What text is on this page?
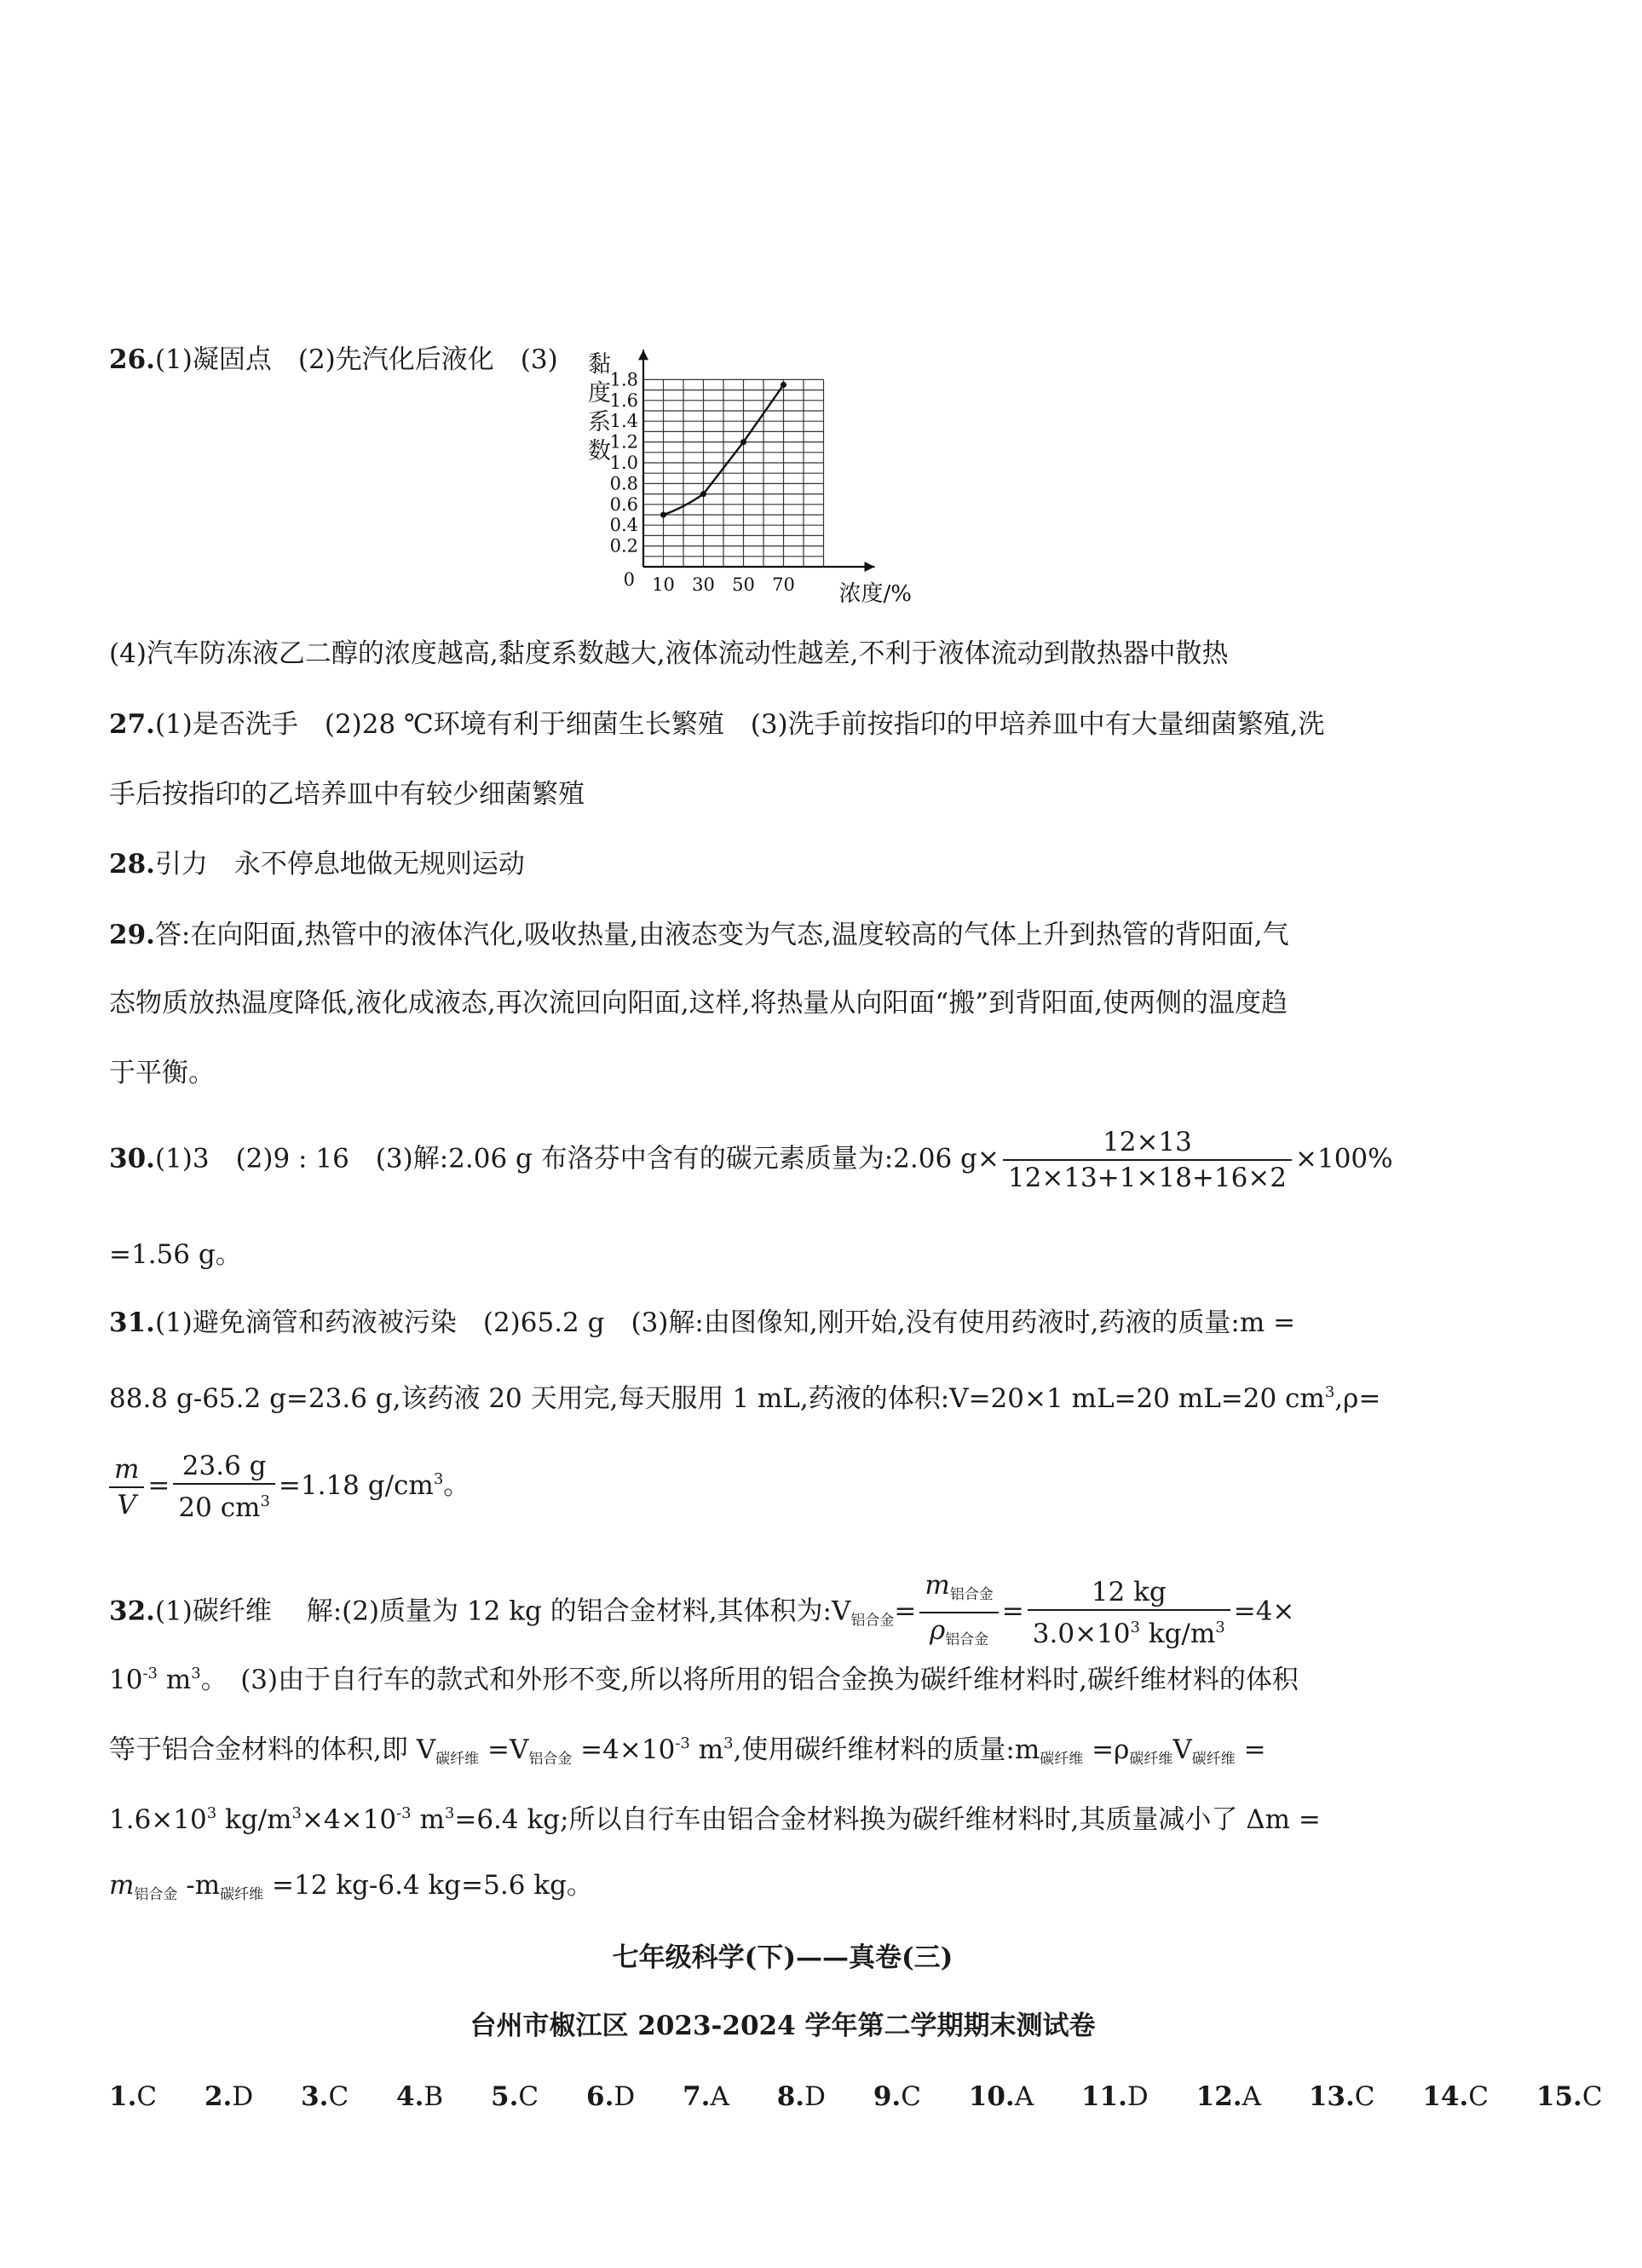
26.(1)凝固点　(2)先汽化后液化　(3) 黏
度
系
数
0.2
0.4
0.6
0.8
1.0
1.2
1.4
1.6
1.8
10 30 50 70
0
浓度/%
(4)汽车防冻液乙二醇的浓度越高,黏度系数越大,液体流动性越差,不利于液体流动到散热器中散热
27.(1)是否洗手　(2)28 ℃环境有利于细菌生长繁殖　(3)洗手前按指印的甲培养皿中有大量细菌繁殖,洗
手后按指印的乙培养皿中有较少细菌繁殖
28.引力　永不停息地做无规则运动
29.答:在向阳面,热管中的液体汽化,吸收热量,由液态变为气态,温度较高的气体上升到热管的背阳面,气
态物质放热温度降低,液化成液态,再次流回向阳面,这样,将热量从向阳面“搬”到背阳面,使两侧的温度趋
于平衡。
30.(1)3　(2)9 : 16　(3)解:2.06 g 布洛芬中含有的碳元素质量为:2.06 $g\times \frac{12\times 13}{12\times 13+1\times 18+16\times 2} \times 100\%$
=1.56 g。
31.(1)避免滴管和药液被污染　(2)65.2 g　(3)解:由图像知,刚开始,没有使用药液时,药液的质量:m =
88.8 g-65.2 g=23.6 g,该药液 20 天用完,每天服用 1 mL,药液的体积:V=20×1 mL=20 mL=20 $cm^3,\rho=$
$\frac{m}{V} = \frac{23.6 g}{20 cm^3} =1.18$ $g/cm^3$。
32.(1)碳纤维　 解:(2)质量为 12 kg 的铝合金材料,其体积为$:V_{铝合金}= \frac{m_{铝合金}}{\rho_{铝合金}} = \frac{12 kg}{3.0\times 10^3 kg/m^3} =4\times$
$10^{-3}$ $m^3$。　(3)由于自行车的款式和外形不变,所以将所用的铝合金换为碳纤维材料时,碳纤维材料的体积
等于铝合金材料的体积,即 $V_{碳纤维} =V_{铝合金} =4\times 10^{-3}$ $m^3$,使用碳纤维材料的质量$:m_{碳纤维} =\rho_{碳纤维}V_{碳纤维}$ =
$1.6\times 10^3$ $kg/m^3\times 4\times 10^{-3}$ $m^3=6.4$ kg;所以自行车由铝合金材料换为碳纤维材料时,其质量减小了 Δm =
$m_{铝合金}$ $-m_{碳纤维} =12$ kg-6.4 kg=5.6 kg。
七年级科学(下)——真卷(三)
台州市椒江区 2023-2024 学年第二学期期末测试卷
1.C 2.D 3.C 4.B 5.C 6.D 7.A 8.D 9.C 10.A 11.D 12.A 13.C 14.C 15.C
